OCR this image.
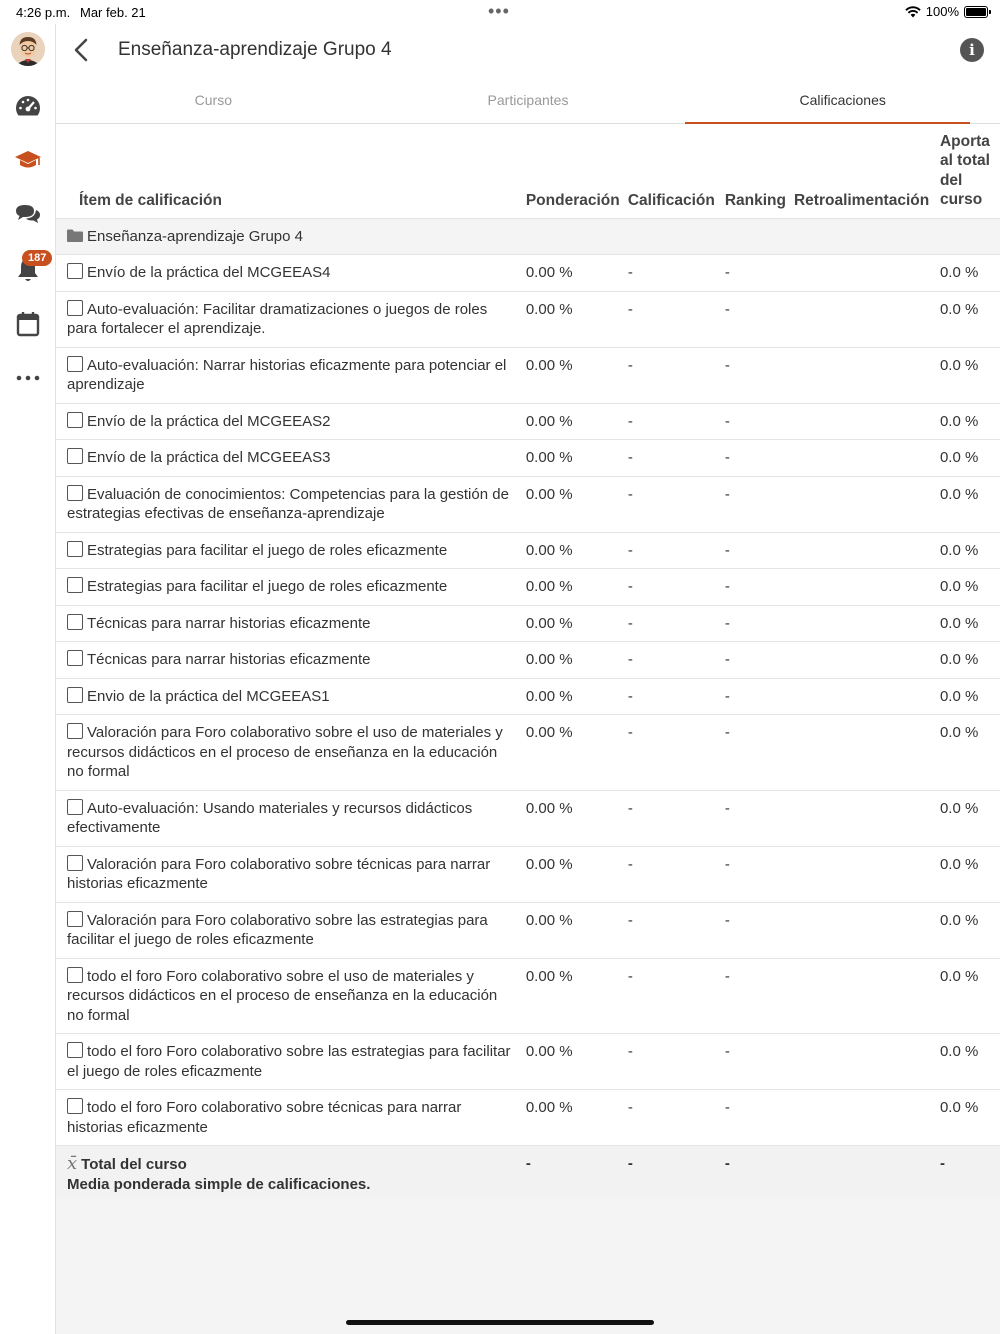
4:26 p.m. Mar feb. 21	•••	100%
187
Enseñanza-aprendizaje Grupo 4	i
Curso	Participantes	Calificaciones
Ítem de calificación	Ponderación	Calificación	Ranking	Retroalimentación	Aporta al total del curso
Enseñanza-aprendizaje Grupo 4					
Envío de la práctica del MCGEEAS4	0.00 %	-	-		0.0 %
Auto-evaluación: Facilitar dramatizaciones o juegos de roles para fortalecer el aprendizaje.	0.00 %	-	-		0.0 %
Auto-evaluación: Narrar historias eficazmente para potenciar el aprendizaje	0.00 %	-	-		0.0 %
Envío de la práctica del MCGEEAS2	0.00 %	-	-		0.0 %
Envío de la práctica del MCGEEAS3	0.00 %	-	-		0.0 %
Evaluación de conocimientos: Competencias para la gestión de estrategias efectivas de enseñanza-aprendizaje	0.00 %	-	-		0.0 %
Estrategias para facilitar el juego de roles eficazmente	0.00 %	-	-		0.0 %
Estrategias para facilitar el juego de roles eficazmente	0.00 %	-	-		0.0 %
Técnicas para narrar historias eficazmente	0.00 %	-	-		0.0 %
Técnicas para narrar historias eficazmente	0.00 %	-	-		0.0 %
Envio de la práctica del MCGEEAS1	0.00 %	-	-		0.0 %
Valoración para Foro colaborativo sobre el uso de materiales y recursos didácticos en el proceso de enseñanza en la educación no formal	0.00 %	-	-		0.0 %
Auto-evaluación: Usando materiales y recursos didácticos efectivamente	0.00 %	-	-		0.0 %
Valoración para Foro colaborativo sobre técnicas para narrar historias eficazmente	0.00 %	-	-		0.0 %
Valoración para Foro colaborativo sobre las estrategias para facilitar el juego de roles eficazmente	0.00 %	-	-		0.0 %
todo el foro Foro colaborativo sobre el uso de materiales y recursos didácticos en el proceso de enseñanza en la educación no formal	0.00 %	-	-		0.0 %
todo el foro Foro colaborativo sobre las estrategias para facilitar el juego de roles eficazmente	0.00 %	-	-		0.0 %
todo el foro Foro colaborativo sobre técnicas para narrar historias eficazmente	0.00 %	-	-		0.0 %
x̄ Total del curso
Media ponderada simple de calificaciones.	-	-	-		-
